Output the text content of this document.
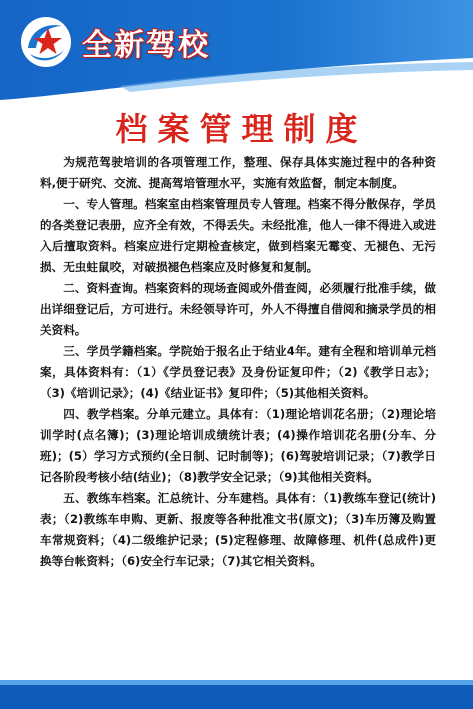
全新驾校
档案管理制度

为规范驾驶培训的各项管理工作，整理、保存具体实施过程中的各种资料,便于研究、交流、提高驾培管理水平，实施有效监督，制定本制度。

一、专人管理。档案室由档案管理员专人管理。档案不得分散保存，学员的各类登记表册，应齐全有效，不得丢失。未经批准，他人一律不得进入或进入后擅取资料。档案应进行定期检查核定，做到档案无霉变、无褪色、无污损、无虫蛀鼠咬，对破损褪色档案应及时修复和复制。

二、资料查询。档案资料的现场查阅或外借查阅，必须履行批准手续，做出详细登记后，方可进行。未经领导许可，外人不得擅自借阅和摘录学员的相关资料。

三、学员学籍档案。学院始于报名止于结业4年。建有全程和培训单元档案，具体资料有：（1）《学员登记表》及身份证复印件；（2)《教学日志》；（3)《培训记录》；(4)《结业证书》复印件；（5)其他相关资料。

四、教学档案。分单元建立。具体有：（1)理论培训花名册；（2)理论培训学时(点名簿)；(3)理论培训成绩统计表；(4)操作培训花名册(分车、分班)；(5）学习方式预约(全日制、记时制等)；(6)驾驶培训记录；（7)教学日记各阶段考核小结(结业)；（8)教学安全记录；（9)其他相关资料。

五、教练车档案。汇总统计、分车建档。具体有：（1)教练车登记(统计)表；（2)教练车申购、更新、报废等各种批准文书(原文)；（3)车历簿及购置车常规资料；（4)二级维护记录；(5)定程修理、故障修理、机件(总成件)更换等台帐资料；（6)安全行车记录；（7)其它相关资料。
